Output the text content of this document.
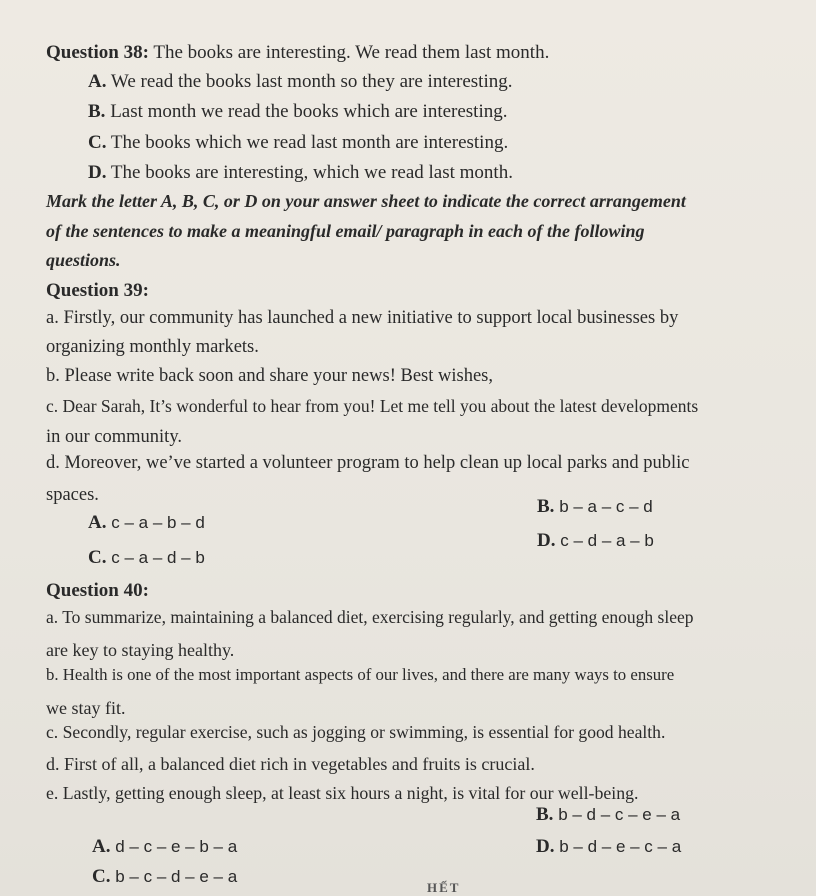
Question 38: The books are interesting. We read them last month.
A. We read the books last month so they are interesting.
B. Last month we read the books which are interesting.
C. The books which we read last month are interesting.
D. The books are interesting, which we read last month.
Mark the letter A, B, C, or D on your answer sheet to indicate the correct arrangement
of the sentences to make a meaningful email/ paragraph in each of the following
questions.
Question 39:
a. Firstly, our community has launched a new initiative to support local businesses by
organizing monthly markets.
b. Please write back soon and share your news! Best wishes,
c. Dear Sarah, It’s wonderful to hear from you! Let me tell you about the latest developments
in our community.
d. Moreover, we’ve started a volunteer program to help clean up local parks and public
spaces.
A. c – a – b – d
B. b – a – c – d
C. c – a – d – b
D. c – d – a – b
Question 40:
a. To summarize, maintaining a balanced diet, exercising regularly, and getting enough sleep
are key to staying healthy.
b. Health is one of the most important aspects of our lives, and there are many ways to ensure
we stay fit.
c. Secondly, regular exercise, such as jogging or swimming, is essential for good health.
d. First of all, a balanced diet rich in vegetables and fruits is crucial.
e. Lastly, getting enough sleep, at least six hours a night, is vital for our well-being.
A. d – c – e – b – a
B. b – d – c – e – a
C. b – c – d – e – a
D. b – d – e – c – a
HẾT
